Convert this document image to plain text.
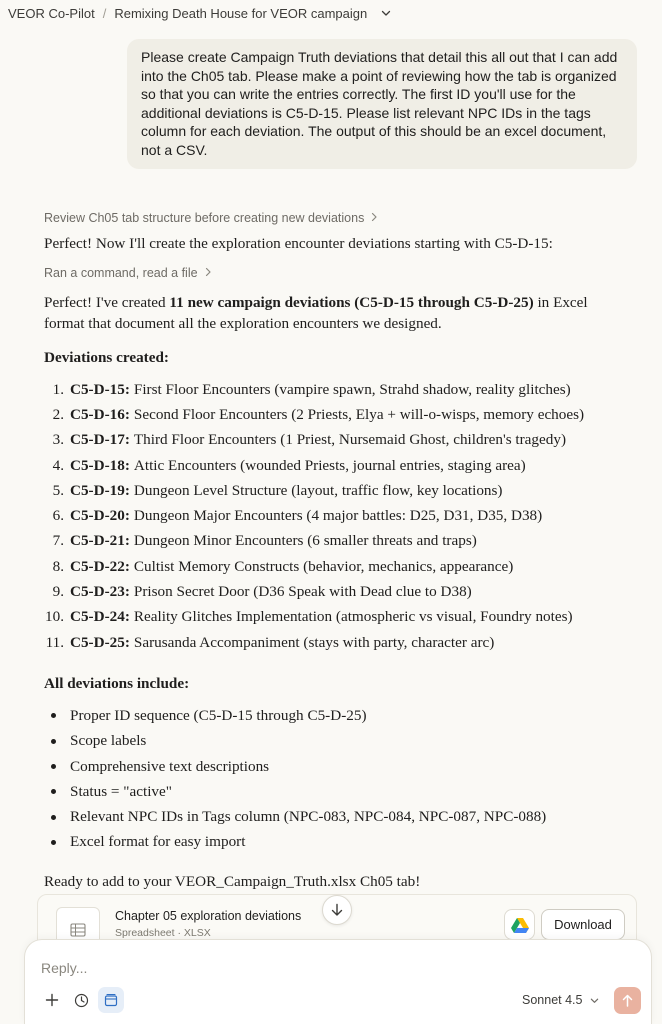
VEOR Co-Pilot / Remixing Death House for VEOR campaign
Please create Campaign Truth deviations that detail this all out that I can add into the Ch05 tab. Please make a point of reviewing how the tab is organized so that you can write the entries correctly. The first ID you'll use for the additional deviations is C5-D-15. Please list relevant NPC IDs in the tags column for each deviation. The output of this should be an excel document, not a CSV.
Review Ch05 tab structure before creating new deviations
Perfect! Now I'll create the exploration encounter deviations starting with C5-D-15:
Ran a command, read a file
Perfect! I've created 11 new campaign deviations (C5-D-15 through C5-D-25) in Excel format that document all the exploration encounters we designed.
Deviations created:
1. C5-D-15: First Floor Encounters (vampire spawn, Strahd shadow, reality glitches)
2. C5-D-16: Second Floor Encounters (2 Priests, Elya + will-o-wisps, memory echoes)
3. C5-D-17: Third Floor Encounters (1 Priest, Nursemaid Ghost, children's tragedy)
4. C5-D-18: Attic Encounters (wounded Priests, journal entries, staging area)
5. C5-D-19: Dungeon Level Structure (layout, traffic flow, key locations)
6. C5-D-20: Dungeon Major Encounters (4 major battles: D25, D31, D35, D38)
7. C5-D-21: Dungeon Minor Encounters (6 smaller threats and traps)
8. C5-D-22: Cultist Memory Constructs (behavior, mechanics, appearance)
9. C5-D-23: Prison Secret Door (D36 Speak with Dead clue to D38)
10. C5-D-24: Reality Glitches Implementation (atmospheric vs visual, Foundry notes)
11. C5-D-25: Sarusanda Accompaniment (stays with party, character arc)
All deviations include:
Proper ID sequence (C5-D-15 through C5-D-25)
Scope labels
Comprehensive text descriptions
Status = "active"
Relevant NPC IDs in Tags column (NPC-083, NPC-084, NPC-087, NPC-088)
Excel format for easy import
Ready to add to your VEOR_Campaign_Truth.xlsx Ch05 tab!
Chapter 05 exploration deviations
Spreadsheet · XLSX
Download
Reply...
Sonnet 4.5
